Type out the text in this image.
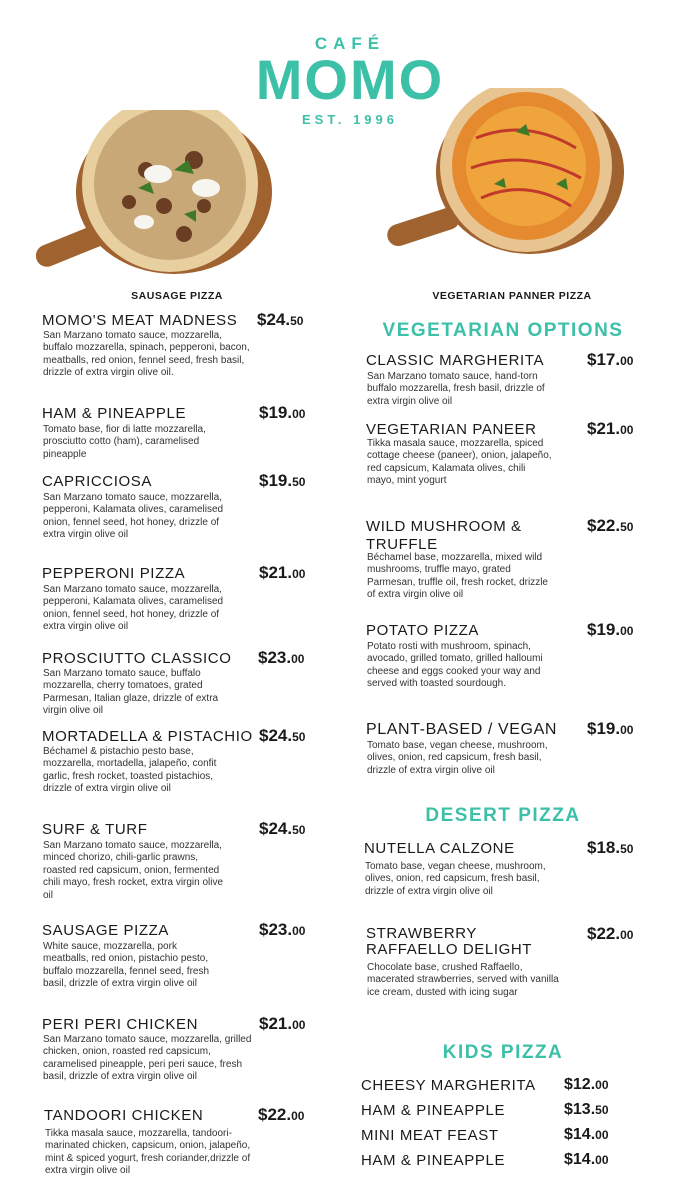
CAFÉ
MOMO
EST. 1996
SAUSAGE PIZZA	VEGETARIAN PANNER PIZZA
MOMO'S MEAT MADNESS $24.50
San Marzano tomato sauce, mozzarella, buffalo mozzarella, spinach, pepperoni, bacon, meatballs, red onion, fennel seed, fresh basil, drizzle of extra virgin olive oil.
HAM & PINEAPPLE	$19.00
Tomato base, fior di latte mozzarella, prosciutto cotto (ham), caramelised pineapple
CAPRICCIOSA	$19.50
San Marzano tomato sauce, mozzarella, pepperoni, Kalamata olives, caramelised onion, fennel seed, hot honey, drizzle of extra virgin olive oil
PEPPERONI PIZZA	$21.00
San Marzano tomato sauce, mozzarella, pepperoni, Kalamata olives, caramelised onion, fennel seed, hot honey, drizzle of extra virgin olive oil
PROSCIUTTO CLASSICO $23.00
San Marzano tomato sauce, buffalo mozzarella, cherry tomatoes, grated Parmesan, Italian glaze, drizzle of extra virgin olive oil
MORTADELLA & PISTACHIO $24.50
Béchamel & pistachio pesto base, mozzarella, mortadella, jalapeño, confit garlic, fresh rocket, toasted pistachios, drizzle of extra virgin olive oil
SURF & TURF	$24.50
San Marzano tomato sauce, mozzarella, minced chorizo, chili-garlic prawns, roasted red capsicum, onion, fermented chili mayo, fresh rocket, extra virgin olive oil
SAUSAGE PIZZA	$23.00
White sauce, mozzarella, pork meatballs, red onion, pistachio pesto, buffalo mozzarella, fennel seed, fresh basil, drizzle of extra virgin olive oil
PERI PERI CHICKEN	$21.00
San Marzano tomato sauce, mozzarella, grilled chicken, onion, roasted red capsicum, caramelised pineapple, peri peri sauce, fresh basil, drizzle of extra virgin olive oil
TANDOORI CHICKEN	$22.00
Tikka masala sauce, mozzarella, tandoori-marinated chicken, capsicum, onion, jalapeño, mint & spiced yogurt, fresh coriander,drizzle of extra virgin olive oil
VEGETARIAN OPTIONS
CLASSIC MARGHERITA	$17.00
San Marzano tomato sauce, hand-torn buffalo mozzarella, fresh basil, drizzle of extra virgin olive oil
VEGETARIAN PANEER	$21.00
Tikka masala sauce, mozzarella, spiced cottage cheese (paneer), onion, jalapeño, red capsicum, Kalamata olives, chili mayo, mint yogurt
WILD MUSHROOM & TRUFFLE
$22.50
Béchamel base, mozzarella, mixed wild mushrooms, truffle mayo, grated Parmesan, truffle oil, fresh rocket, drizzle of extra virgin olive oil
POTATO PIZZA	$19.00
Potato rosti with mushroom, spinach, avocado, grilled tomato, grilled halloumi cheese and eggs cooked your way and served with toasted sourdough.
PLANT-BASED / VEGAN $19.00
Tomato base, vegan cheese, mushroom, olives, onion, red capsicum, fresh basil, drizzle of extra virgin olive oil
DESERT PIZZA
NUTELLA CALZONE	$18.50
Tomato base, vegan cheese, mushroom, olives, onion, red capsicum, fresh basil, drizzle of extra virgin olive oil
STRAWBERRY RAFFAELLO DELIGHT
$22.00
Chocolate base, crushed Raffaello, macerated strawberries, served with vanilla ice cream, dusted with icing sugar
KIDS PIZZA
CHEESY MARGHERITA $12.00
HAM & PINEAPPLE	$13.50
MINI MEAT FEAST	$14.00
HAM & PINEAPPLE	$14.00
